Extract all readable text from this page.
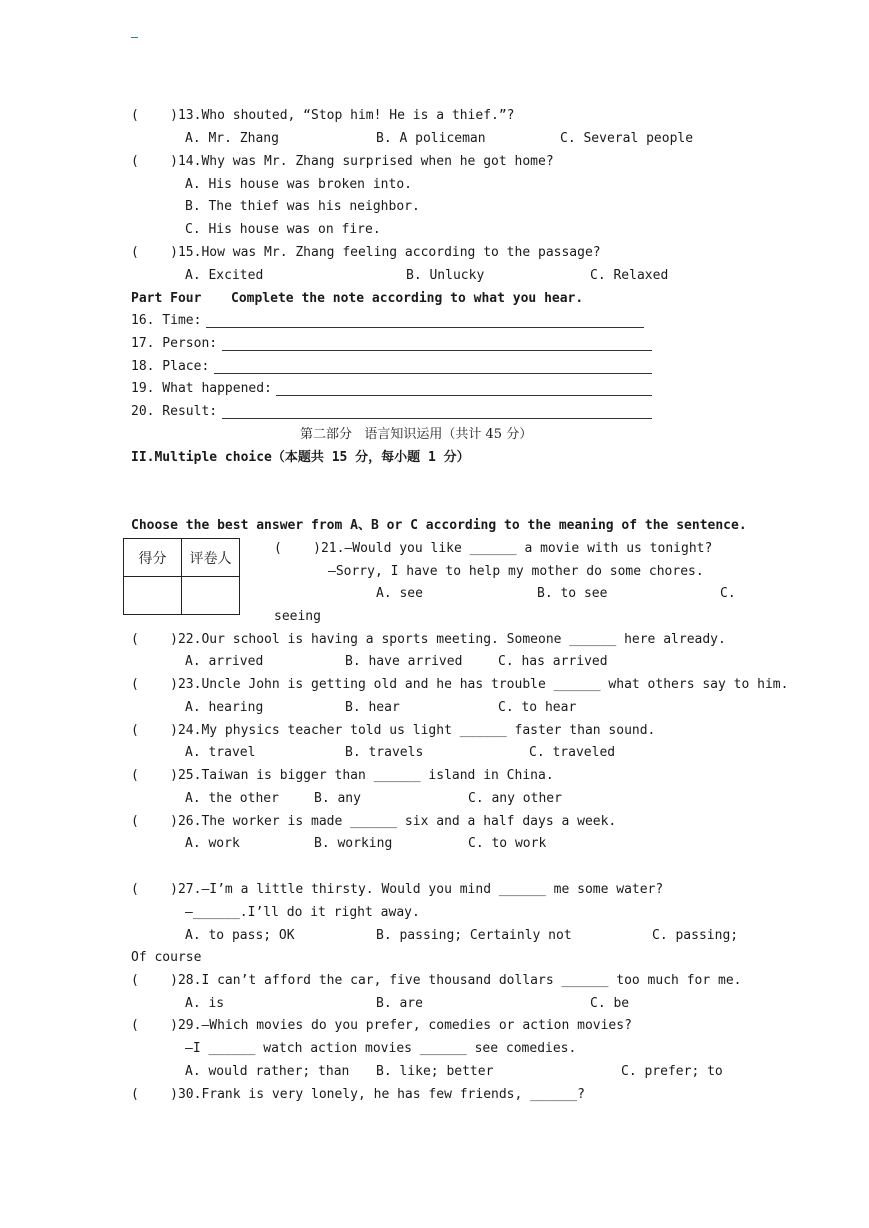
(    )13.Who shouted, “Stop him! He is a thief.”?
A. Mr. Zhang	B. A policeman	C. Several people
(    )14.Why was Mr. Zhang surprised when he got home?
A. His house was broken into.
B. The thief was his neighbor.
C. His house was on fire.
(    )15.How was Mr. Zhang feeling according to the passage?
A. Excited	B. Unlucky	C. Relaxed
Part Four Complete the note according to what you hear.
16. Time:
17. Person:
18. Place:
19. What happened:
20. Result:
第二部分   语言知识运用（共计 45 分）
II.Multiple choice（本题共 15 分，每小题 1 分）
Choose the best answer from A、B or C according to the meaning of the sentence.
得分	评卷人

(    )21.—Would you like ______ a movie with us tonight?
—Sorry, I have to help my mother do some chores.
A. see	B. to see	C.
seeing
(    )22.Our school is having a sports meeting. Someone ______ here already.
A. arrived	B. have arrived	C. has arrived
(    )23.Uncle John is getting old and he has trouble ______ what others say to him.
A. hearing	B. hear	C. to hear
(    )24.My physics teacher told us light ______ faster than sound.
A. travel	B. travels	C. traveled
(    )25.Taiwan is bigger than ______ island in China.
A. the other	B. any	C. any other
(    )26.The worker is made ______ six and a half days a week.
A. work	B. working	C. to work
(    )27.—I’m a little thirsty. Would you mind ______ me some water?
—______.I’ll do it right away.
A. to pass; OK	B. passing; Certainly not	C. passing;
Of course
(    )28.I can’t afford the car, five thousand dollars ______ too much for me.
A. is	B. are	C. be
(    )29.—Which movies do you prefer, comedies or action movies?
—I ______ watch action movies ______ see comedies.
A. would rather; than B. like; better	C. prefer; to
(    )30.Frank is very lonely, he has few friends, ______?
